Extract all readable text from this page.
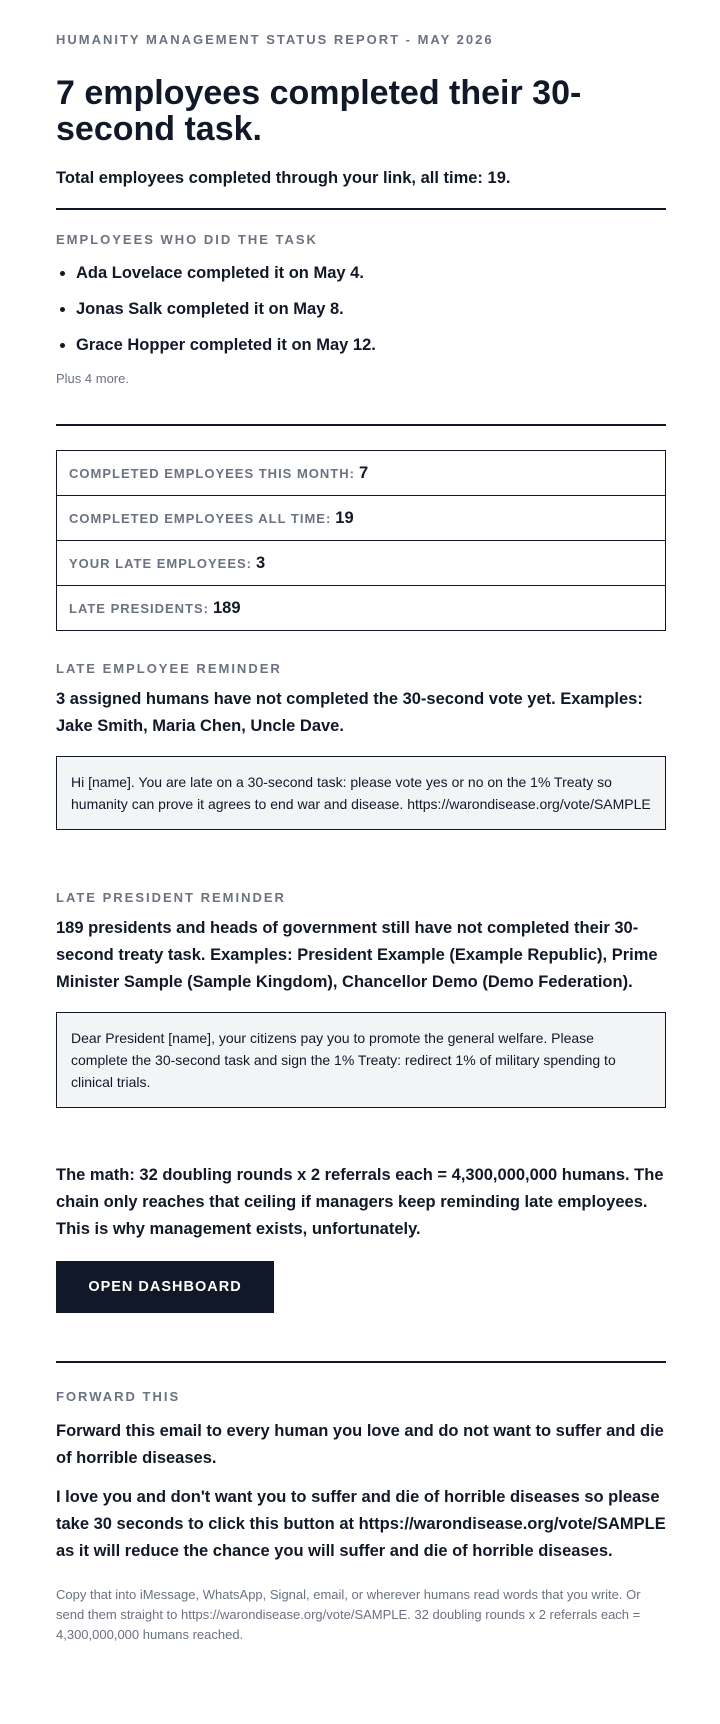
HUMANITY MANAGEMENT STATUS REPORT - MAY 2026

7 employees completed their 30-second task.

Total employees completed through your link, all time: 19.

EMPLOYEES WHO DID THE TASK

• Ada Lovelace completed it on May 4.
• Jonas Salk completed it on May 8.
• Grace Hopper completed it on May 12.

Plus 4 more.

COMPLETED EMPLOYEES THIS MONTH: 7
COMPLETED EMPLOYEES ALL TIME: 19
YOUR LATE EMPLOYEES: 3
LATE PRESIDENTS: 189

LATE EMPLOYEE REMINDER

3 assigned humans have not completed the 30-second vote yet. Examples: Jake Smith, Maria Chen, Uncle Dave.

Hi [name]. You are late on a 30-second task: please vote yes or no on the 1% Treaty so humanity can prove it agrees to end war and disease. https://warondisease.org/vote/SAMPLE

LATE PRESIDENT REMINDER

189 presidents and heads of government still have not completed their 30-second treaty task. Examples: President Example (Example Republic), Prime Minister Sample (Sample Kingdom), Chancellor Demo (Demo Federation).

Dear President [name], your citizens pay you to promote the general welfare. Please complete the 30-second task and sign the 1% Treaty: redirect 1% of military spending to clinical trials.

The math: 32 doubling rounds x 2 referrals each = 4,300,000,000 humans. The chain only reaches that ceiling if managers keep reminding late employees. This is why management exists, unfortunately.

OPEN DASHBOARD

FORWARD THIS

Forward this email to every human you love and do not want to suffer and die of horrible diseases.

I love you and don't want you to suffer and die of horrible diseases so please take 30 seconds to click this button at https://warondisease.org/vote/SAMPLE as it will reduce the chance you will suffer and die of horrible diseases.

Copy that into iMessage, WhatsApp, Signal, email, or wherever humans read words that you write. Or send them straight to https://warondisease.org/vote/SAMPLE. 32 doubling rounds x 2 referrals each = 4,300,000,000 humans reached.
